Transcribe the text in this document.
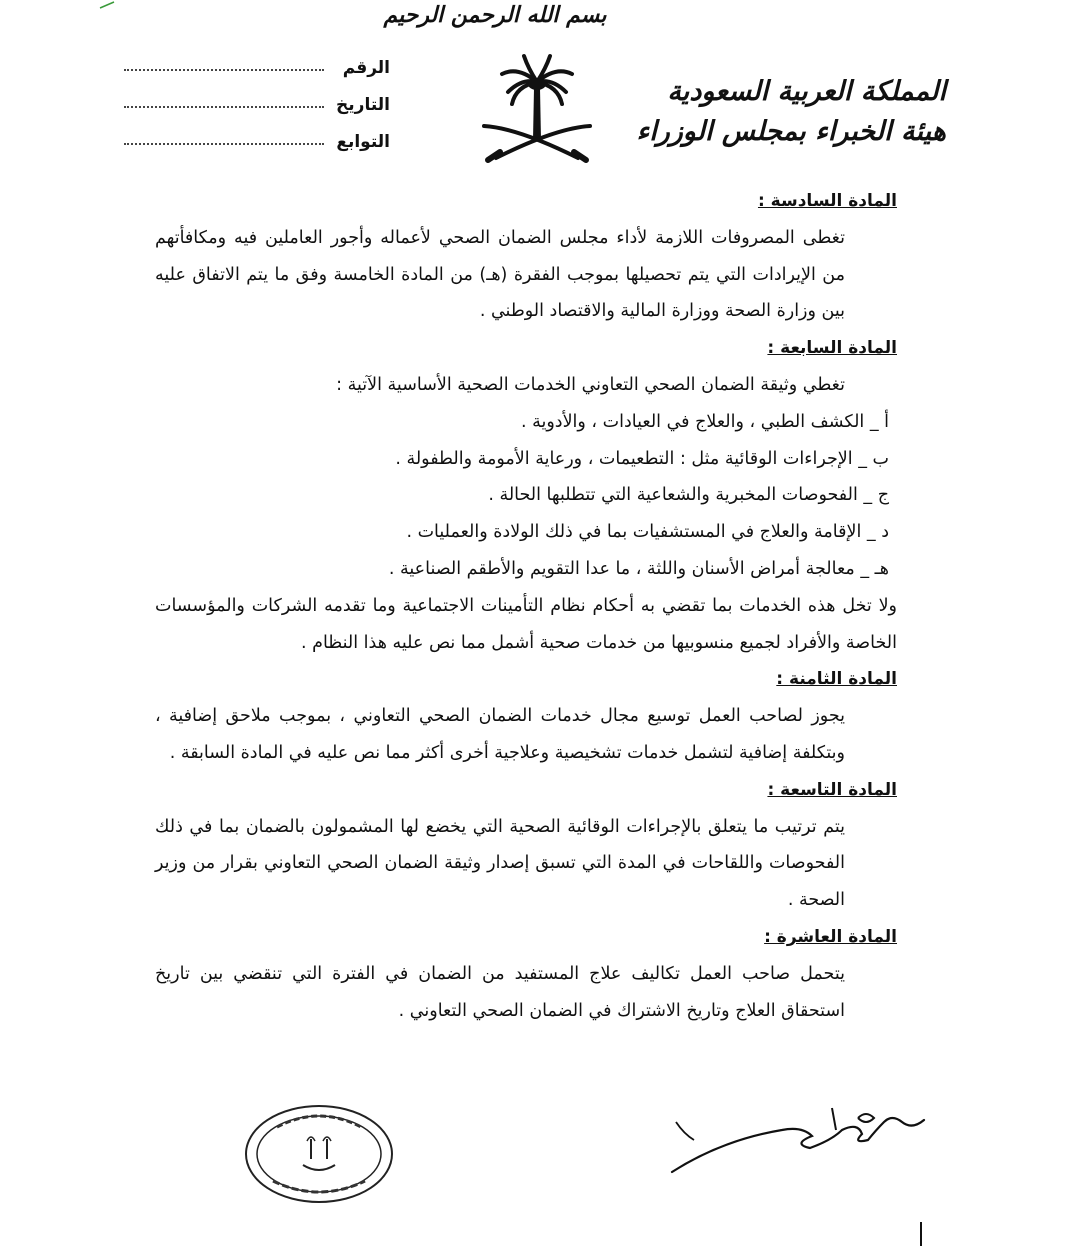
بسم الله الرحمن الرحيم
المملكة العربية السعودية
هيئة الخبراء بمجلس الوزراء
الرقم
التاريخ
التوابع

المادة السادسة :

تغطى المصروفات اللازمة لأداء مجلس الضمان الصحي لأعماله وأجور العاملين فيه ومكافأتهم من الإيرادات التي يتم تحصيلها بموجب الفقرة (هـ) من المادة الخامسة وفق ما يتم الاتفاق عليه بين وزارة الصحة ووزارة المالية والاقتصاد الوطني .

المادة السابعة :

تغطي وثيقة الضمان الصحي التعاوني الخدمات الصحية الأساسية الآتية :

أ _ الكشف الطبي ، والعلاج في العيادات ، والأدوية .

ب _ الإجراءات الوقائية مثل : التطعيمات ، ورعاية الأمومة والطفولة .

ج _ الفحوصات المخبرية والشعاعية التي تتطلبها الحالة .

د _ الإقامة والعلاج في المستشفيات بما في ذلك الولادة والعمليات .

هـ _ معالجة أمراض الأسنان واللثة ، ما عدا التقويم والأطقم الصناعية .

ولا تخل هذه الخدمات بما تقضي به أحكام نظام التأمينات الاجتماعية وما تقدمه الشركات والمؤسسات الخاصة والأفراد لجميع منسوبيها من خدمات صحية أشمل مما نص عليه هذا النظام .

المادة الثامنة :

يجوز لصاحب العمل توسيع مجال خدمات الضمان الصحي التعاوني ، بموجب ملاحق إضافية ، وبتكلفة إضافية لتشمل خدمات تشخيصية وعلاجية أخرى أكثر مما نص عليه في المادة السابقة .

المادة التاسعة :

يتم ترتيب ما يتعلق بالإجراءات الوقائية الصحية التي يخضع لها المشمولون بالضمان بما في ذلك الفحوصات واللقاحات في المدة التي تسبق إصدار وثيقة الضمان الصحي التعاوني بقرار من وزير الصحة .

المادة العاشرة :

يتحمل صاحب العمل تكاليف علاج المستفيد من الضمان في الفترة التي تنقضي بين تاريخ استحقاق العلاج وتاريخ الاشتراك في الضمان الصحي التعاوني .
